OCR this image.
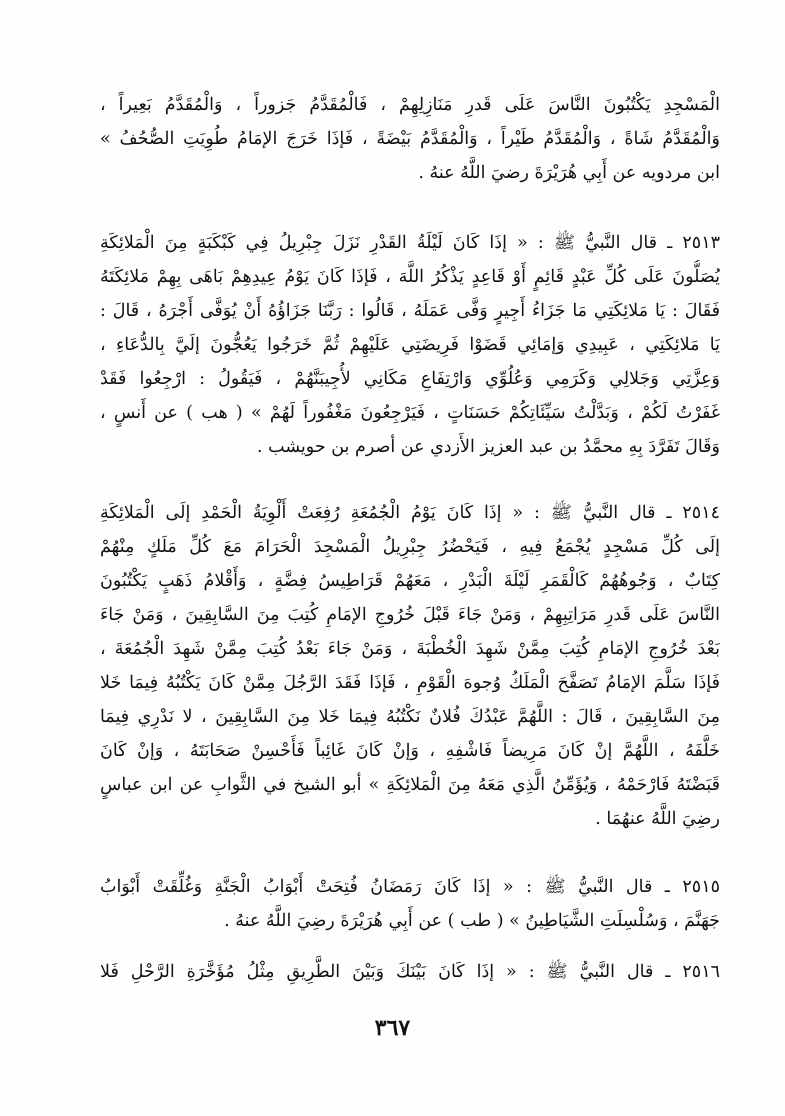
الْمَسْجِدِ يَكْتُبُونَ النَّاسَ عَلَى قَدرِ مَنَازِلِهِمْ ، فَالْمُقَدَّمُ جَزوراً ، وَالْمُقَدَّمُ بَعِيراً ،
وَالْمُقَدَّمُ شَاةً ، وَالْمُقَدَّمُ طَيْراً ، وَالْمُقَدَّمُ بَيْضَةً ، فَإذَا خَرَجَ الإمَامُ طُوِيَتِ الصُّحُفُ »
ابن مردويه عن أَبِي هُرَيْرَةَ رضيَ اللَّهُ عنهُ .
٢٥١٣ ـ قال النَّبيُّ ﷺ : « إذَا كَانَ لَيْلَةُ القَدْرِ نَزَلَ جِبْرِيلُ فِي كَبْكَبَةٍ مِنَ الْمَلائِكَةِ
يُصَلُّونَ عَلَى كُلِّ عَبْدٍ قَائِمٍ أَوْ قَاعِدٍ يَذْكُرُ اللَّهَ ، فَإذَا كَانَ يَوْمُ عِيدِهِمْ بَاهَى بِهِمْ مَلائِكَتَهُ
فَقَالَ : يَا مَلائِكَتِي مَا جَزَاءُ أَجِيرٍ وَفَّى عَمَلَهُ ، قَالُوا : رَبَّنَا جَزَاؤُهُ أَنْ يُوَفَّى أَجْرَهُ ، قَالَ :
يَا مَلائِكَتِي ، عَبِيدِي وَإمَائِي قَضَوْا فَرِيضَتِي عَلَيْهِمْ ثُمَّ خَرَجُوا يَعُجُّونَ إلَيَّ بِالدُّعَاءِ ،
وَعِزَّتِي وَجَلالِي وَكَرَمِي وَعُلُوِّي وَارْتِفَاعِ مَكَانِي لأُجِيبَنَّهُمْ ، فَيَقُولُ : ارْجِعُوا فَقَدْ
غَفَرْتُ لَكُمْ ، وَبَدَّلْتُ سَيِّئَاتِكُمْ حَسَنَاتٍ ، فَيَرْجِعُونَ مَغْفُوراً لَهُمْ » ( هب ) عن أَنسٍ ،
وَقَالَ تَفَرَّدَ بِهِ محمَّدُ بن عبد العزيز الأَزدي عن أصرم بن حويشب .
٢٥١٤ ـ قال النَّبيُّ ﷺ : « إذَا كَانَ يَوْمُ الْجُمُعَةِ رُفِعَتْ أَلْوِيَةُ الْحَمْدِ إلَى الْمَلائِكَةِ
إلَى كُلِّ مَسْجِدٍ يُجْمَعُ فِيهِ ، فَيَحْضُرُ جِبْرِيلُ الْمَسْجِدَ الْحَرَامَ مَعَ كُلِّ مَلَكٍ مِنْهُمْ
كِتَابٌ ، وَجُوهُهُمْ كَالْقَمَرِ لَيْلَةَ الْبَدْرِ ، مَعَهُمْ قَرَاطِيسُ فِضَّةٍ ، وَأَقْلامُ ذَهَبٍ يَكْتُبُونَ
النَّاسَ عَلَى قَدرِ مَرَاتِبِهِمْ ، وَمَنْ جَاءَ قَبْلَ خُرُوجِ الإمَامِ كُتِبَ مِنَ السَّابِقِينَ ، وَمَنْ جَاءَ
بَعْدَ خُرُوجِ الإمَامِ كُتِبَ مِمَّنْ شَهِدَ الْخُطْبَةَ ، وَمَنْ جَاءَ بَعْدُ كُتِبَ مِمَّنْ شَهِدَ الْجُمُعَةَ ،
فَإذَا سَلَّمَ الإمَامُ تَصَفَّحَ الْمَلَكُ وُجوهَ الْقَوْمِ ، فَإذَا فَقَدَ الرَّجُلَ مِمَّنْ كَانَ يَكْتُبُهُ فِيمَا خَلا
مِنَ السَّابِقِينَ ، قَالَ : اللَّهُمَّ عَبْدُكَ فُلانٌ نَكْتُبُهُ فِيمَا خَلا مِنَ السَّابِقِينَ ، لا نَدْرِي فِيمَا
خَلَّفَهُ ، اللَّهُمَّ إنْ كَانَ مَرِيضاً فَاشْفِهِ ، وَإنْ كَانَ غَائِباً فَأَحْسِنْ صَحَابَتَهُ ، وَإنْ كَانَ
قَبَضْتَهُ فَارْحَمْهُ ، وَيُؤَمِّنُ الَّذِي مَعَهُ مِنَ الْمَلائِكَةِ » أبو الشيخ في الثَّوابِ عن ابن عباسٍ
رضِيَ اللَّهُ عنهُمَا .
٢٥١٥ ـ قال النَّبيُّ ﷺ : « إذَا كَانَ رَمَضَانُ فُتِحَتْ أَبْوَابُ الْجَنَّةِ وَغُلِّقَتْ أَبْوَابُ
جَهَنَّمَ ، وَسُلْسِلَتِ الشَّيَاطِينُ » ( طب ) عن أَبِي هُرَيْرَةَ رضِيَ اللَّهُ عنهُ .
٢٥١٦ ـ قال النَّبيُّ ﷺ : « إذَا كَانَ بَيْنَكَ وَبَيْنَ الطَّرِيقِ مِثْلُ مُؤَخَّرَةِ الرَّحْلِ فَلا
٣٦٧
